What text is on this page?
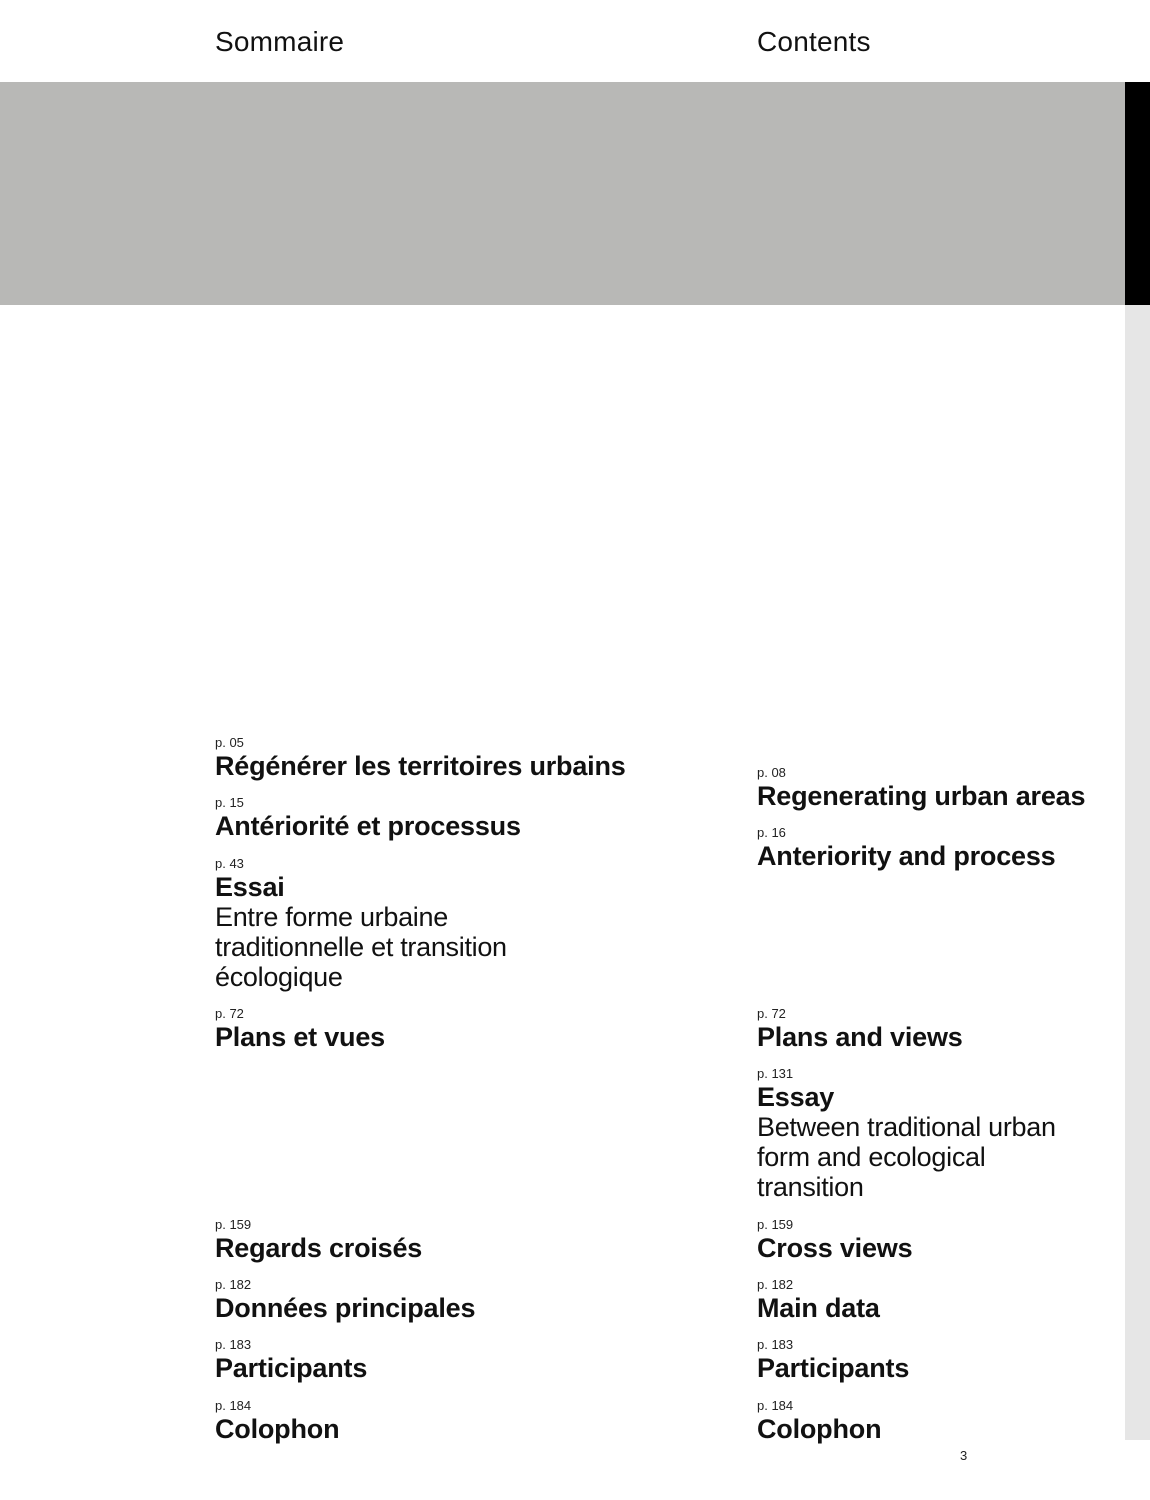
Sommaire	Contents
p. 05
Régénérer les territoires urbains
p. 15
Antériorité et processus
p. 43
Essai
Entre forme urbaine
traditionnelle et transition
écologique
p. 72
Plans et vues
p. 159
Regards croisés
p. 182
Données principales
p. 183
Participants
p. 184
Colophon
p. 08
Regenerating urban areas
p. 16
Anteriority and process
p. 72
Plans and views
p. 131
Essay
Between traditional urban
form and ecological
transition
p. 159
Cross views
p. 182
Main data
p. 183
Participants
p. 184
Colophon
3
